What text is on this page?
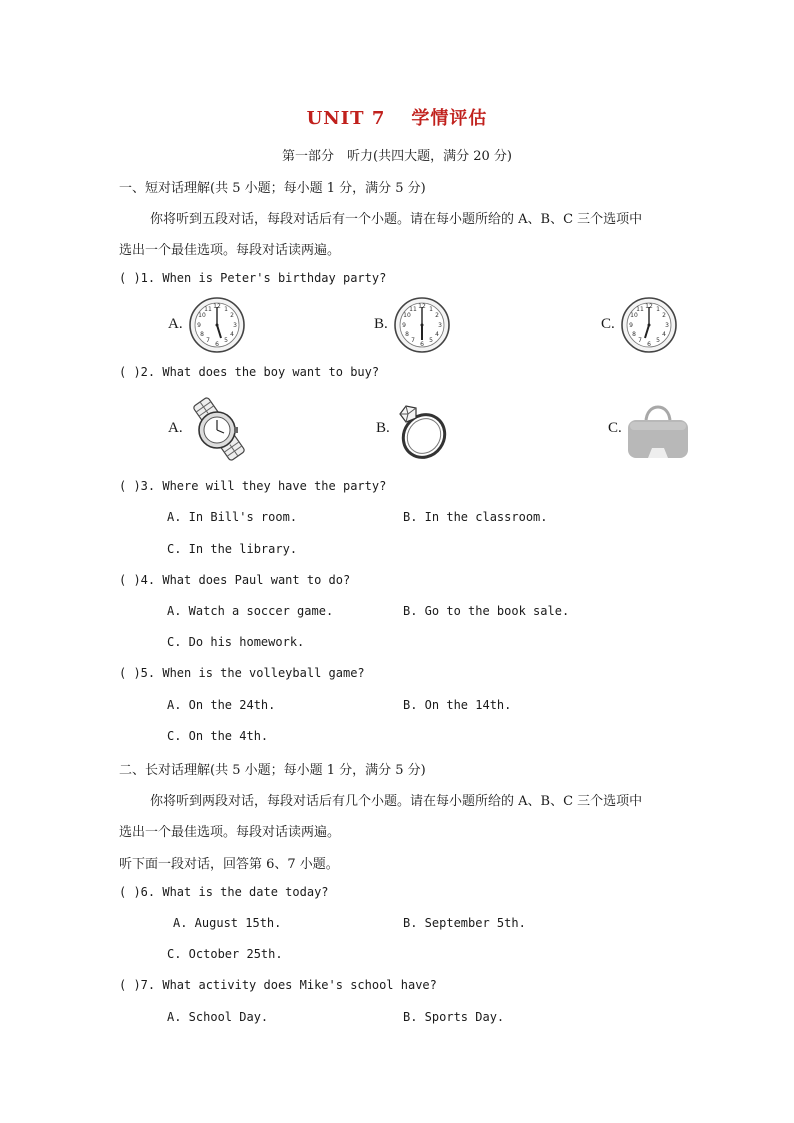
UNIT 7 学情评估
第一部分　听力(共四大题，满分 20 分)
一、短对话理解(共 5 小题；每小题 1 分，满分 5 分)
你将听到五段对话，每段对话后有一个小题。请在每小题所给的 A、B、C 三个选项中
选出一个最佳选项。每段对话读两遍。
( )1. When is Peter's birthday party?
A.	B.	C.
12 1
2
3
4
5
6
7
8
9
10
11	12 1
2
3
4
5
6
7
8
9
10
11	12 1
2
3
4
5
6
7
8
9
10
11
( )2. What does the boy want to buy?
A.	B.	C.
( )3. Where will they have the party?
A. In Bill's room.	B. In the classroom.
C. In the library.
( )4. What does Paul want to do?
A. Watch a soccer game.	B. Go to the book sale.
C. Do his homework.
( )5. When is the volleyball game?
A. On the 24th.	B. On the 14th.
C. On the 4th.
二、长对话理解(共 5 小题；每小题 1 分，满分 5 分)
你将听到两段对话，每段对话后有几个小题。请在每小题所给的 A、B、C 三个选项中
选出一个最佳选项。每段对话读两遍。
听下面一段对话，回答第 6、7 小题。
( )6. What is the date today?
A. August 15th.	B. September 5th.
C. October 25th.
( )7. What activity does Mike's school have?
A. School Day.	B. Sports Day.
